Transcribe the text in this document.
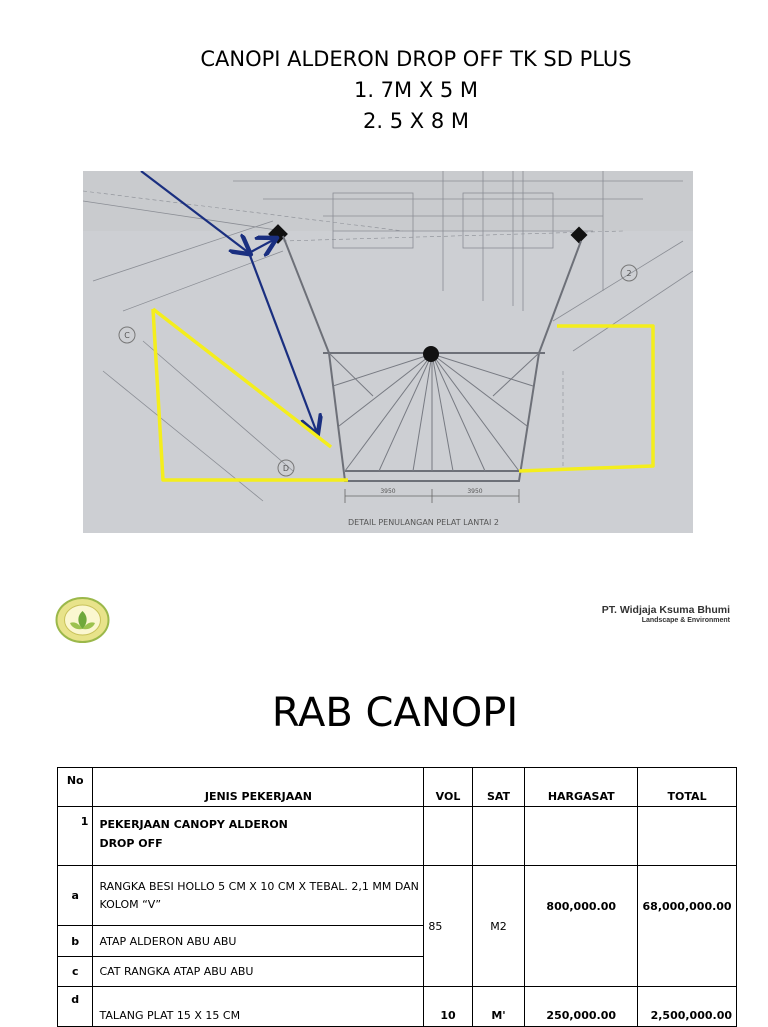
CANOPI ALDERON DROP OFF TK SD PLUS
1. 7M X 5 M
2. 5 X 8 M
C
D
2
3950	3950
DETAIL PENULANGAN PELAT LANTAI 2
PT. Widjaja Ksuma Bhumi
Landscape & Environment
RAB CANOPI
No	JENIS PEKERJAAN	VOL	SAT	HARGASAT	TOTAL
1	PEKERJAAN CANOPY ALDERON
DROP OFF				

a	RANGKA BESI HOLLO 5 CM X 10 CM X TEBAL. 2,1 MM DAN KOLOM “V”	85	M2	800,000.00	68,000,000.00
b	ATAP ALDERON ABU ABU				
c	CAT RANGKA ATAP ABU ABU				
d	TALANG PLAT 15 X 15 CM	10	M'	250,000.00	2,500,000.00
